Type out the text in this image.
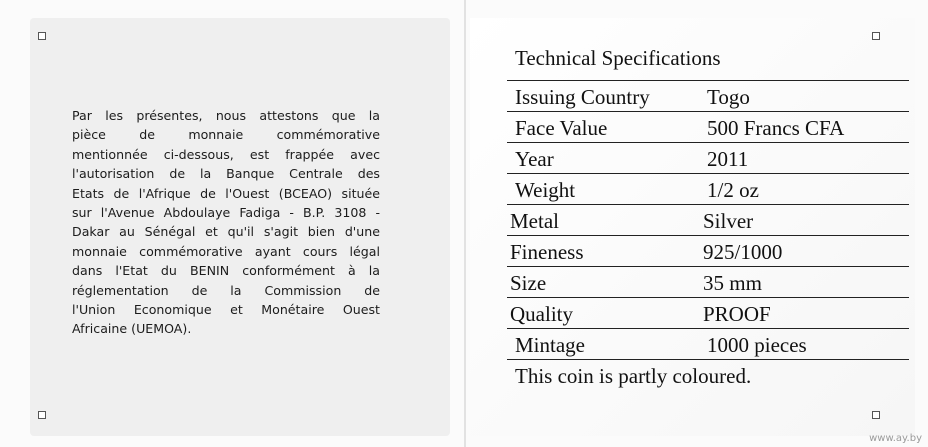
Par les présentes, nous attestons que la
pièce de monnaie commémorative
mentionnée ci-dessous, est frappée avec
l'autorisation de la Banque Centrale des
Etats de l'Afrique de l'Ouest (BCEAO) située
sur l'Avenue Abdoulaye Fadiga - B.P. 3108 -
Dakar au Sénégal et qu'il s'agit bien d'une
monnaie commémorative ayant cours légal
dans l'Etat du BENIN conformément à la
réglementation de la Commission de
l'Union Economique et Monétaire Ouest
Africaine (UEMOA).
Technical Specifications
Issuing Country	Togo
Face Value	500 Francs CFA
Year	2011
Weight	1/2 oz
Metal	Silver
Fineness	925/1000
Size	35 mm
Quality	PROOF
Mintage	1000 pieces
This coin is partly coloured.
www.ay.by
